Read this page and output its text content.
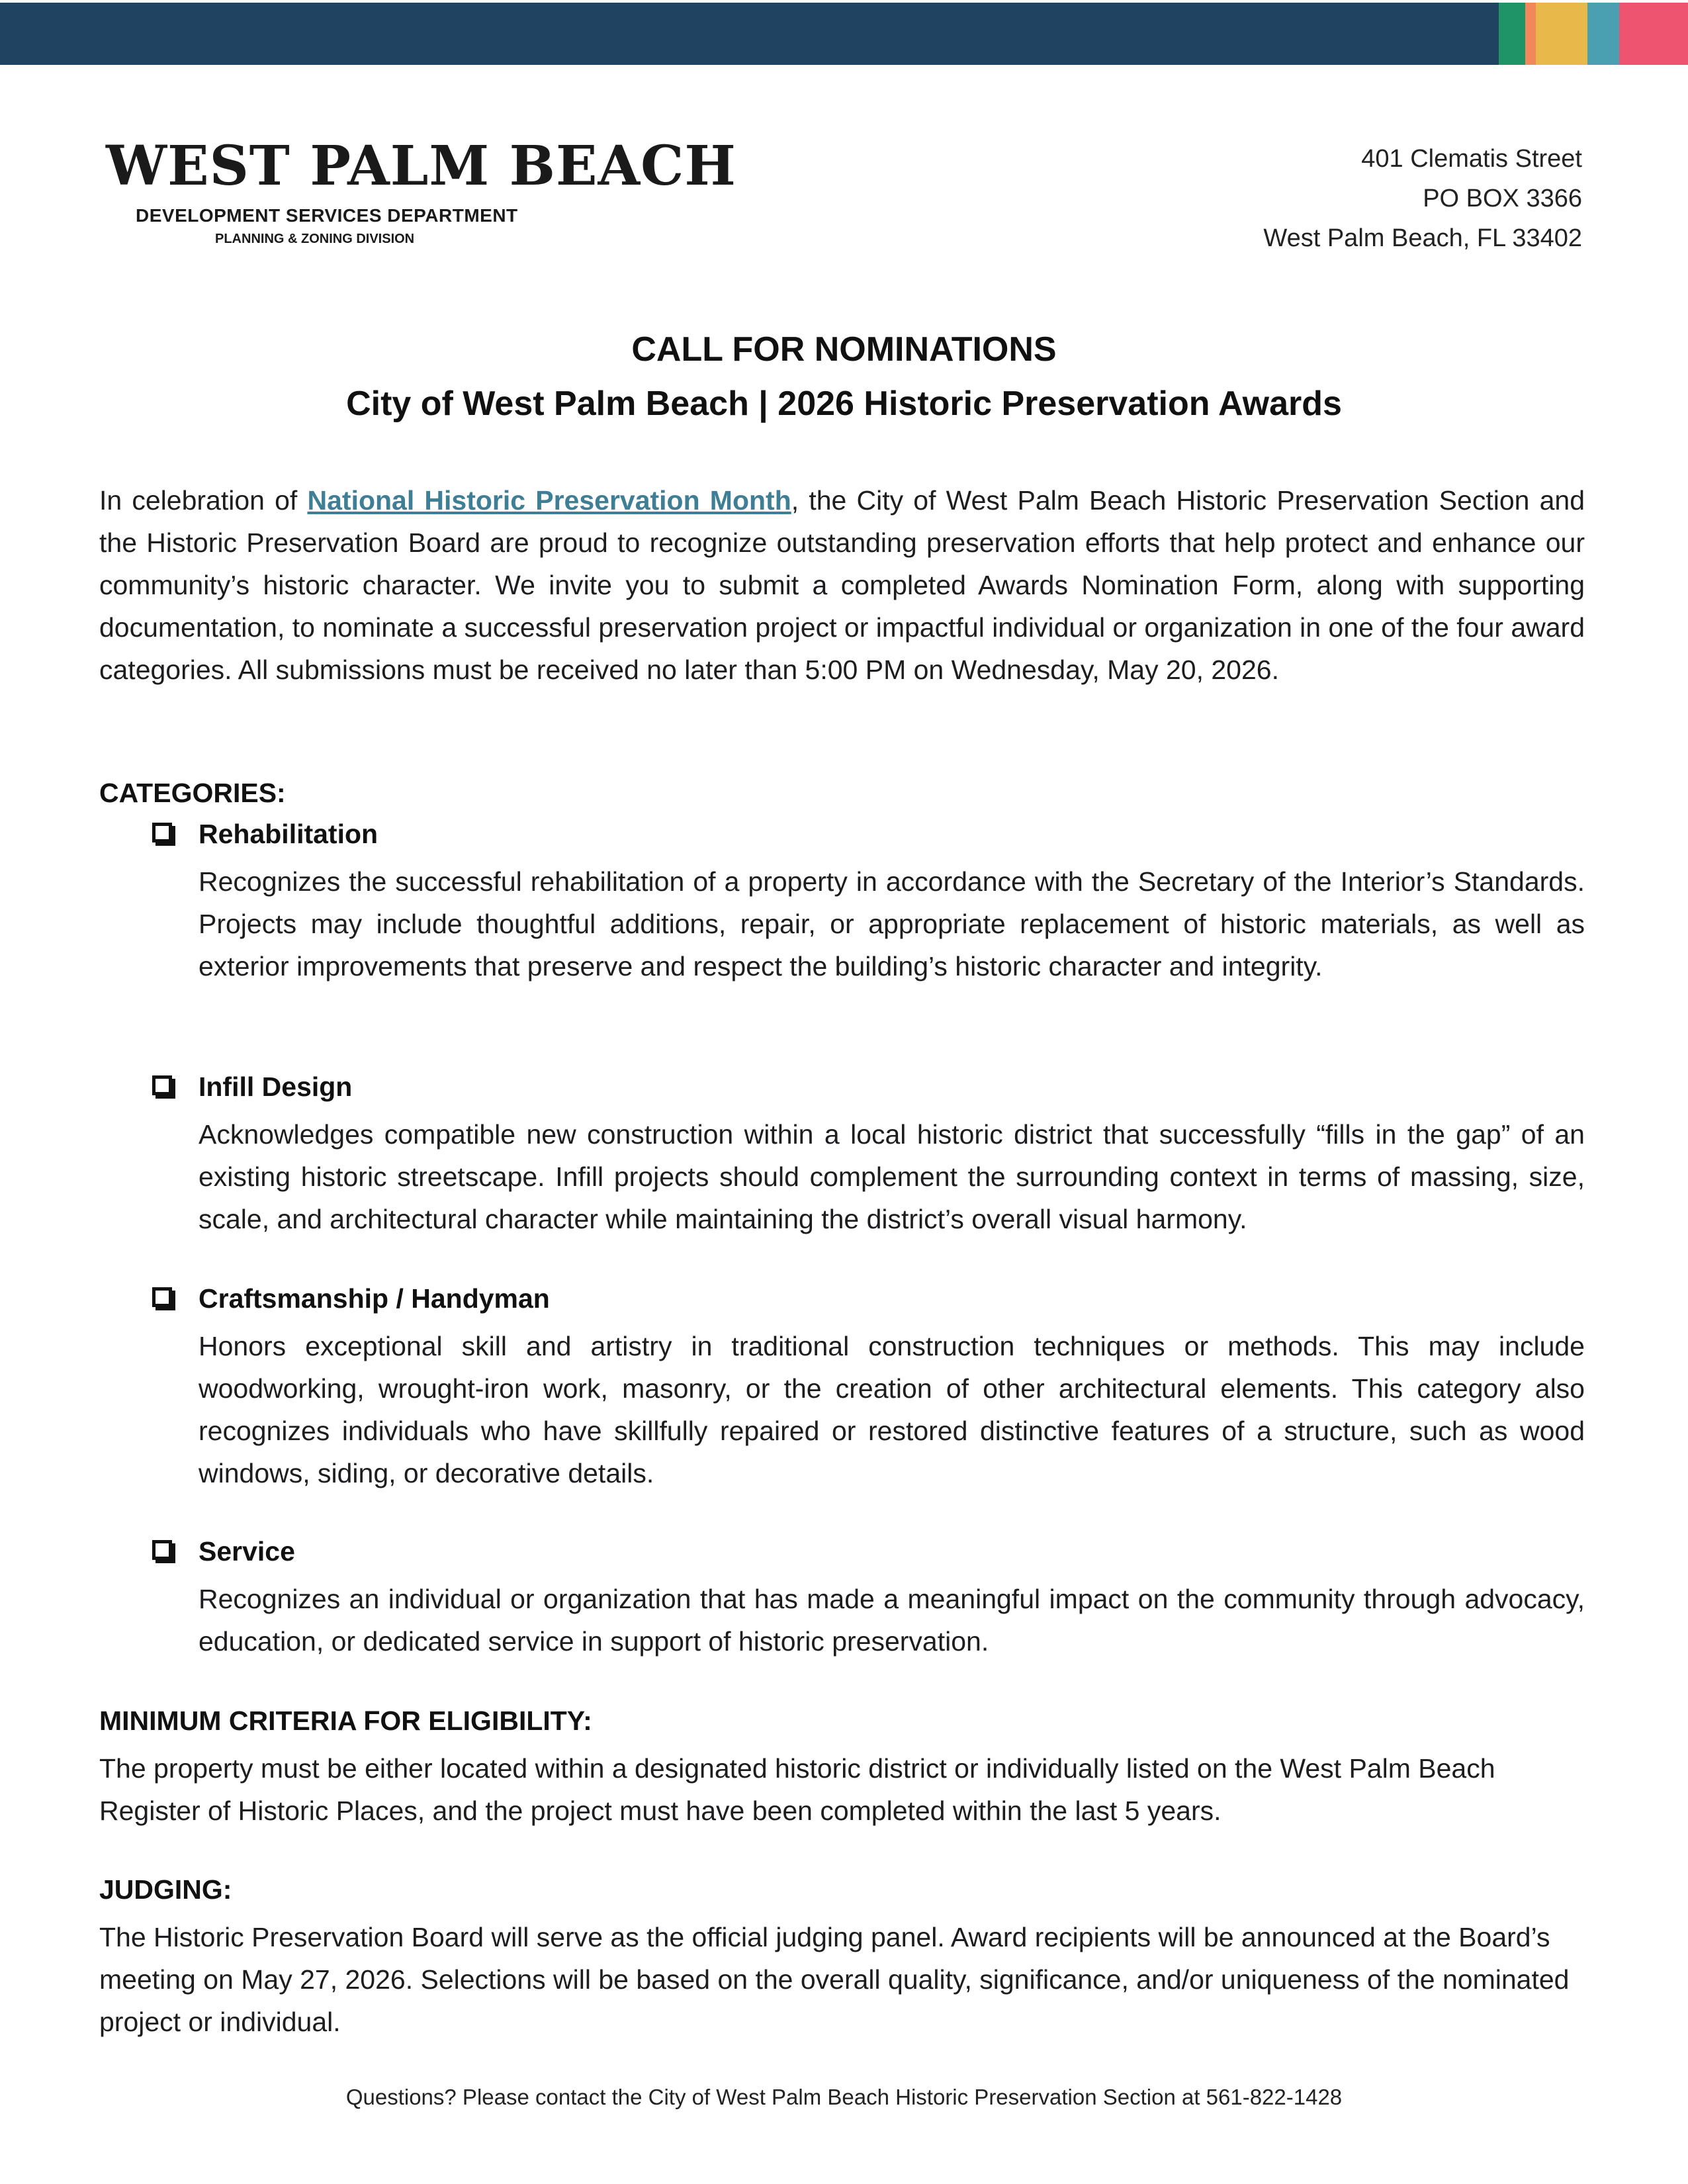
WEST PALM BEACH
DEVELOPMENT SERVICES DEPARTMENT
PLANNING & ZONING DIVISION
401 Clematis Street
PO BOX 3366
West Palm Beach, FL 33402
CALL FOR NOMINATIONS
City of West Palm Beach | 2026 Historic Preservation Awards
In celebration of National Historic Preservation Month, the City of West Palm Beach Historic Preservation Section and the Historic Preservation Board are proud to recognize outstanding preservation efforts that help protect and enhance our community’s historic character. We invite you to submit a completed Awards Nomination Form, along with supporting documentation, to nominate a successful preservation project or impactful individual or organization in one of the four award categories. All submissions must be received no later than 5:00 PM on Wednesday, May 20, 2026.
CATEGORIES:
Rehabilitation
Recognizes the successful rehabilitation of a property in accordance with the Secretary of the Interior’s Standards. Projects may include thoughtful additions, repair, or appropriate replacement of historic materials, as well as exterior improvements that preserve and respect the building’s historic character and integrity.
Infill Design
Acknowledges compatible new construction within a local historic district that successfully “fills in the gap” of an existing historic streetscape. Infill projects should complement the surrounding context in terms of massing, size, scale, and architectural character while maintaining the district’s overall visual harmony.
Craftsmanship / Handyman
Honors exceptional skill and artistry in traditional construction techniques or methods. This may include woodworking, wrought-iron work, masonry, or the creation of other architectural elements. This category also recognizes individuals who have skillfully repaired or restored distinctive features of a structure, such as wood windows, siding, or decorative details.
Service
Recognizes an individual or organization that has made a meaningful impact on the community through advocacy, education, or dedicated service in support of historic preservation.
MINIMUM CRITERIA FOR ELIGIBILITY:
The property must be either located within a designated historic district or individually listed on the West Palm Beach Register of Historic Places, and the project must have been completed within the last 5 years.
JUDGING:
The Historic Preservation Board will serve as the official judging panel. Award recipients will be announced at the Board’s meeting on May 27, 2026. Selections will be based on the overall quality, significance, and/or uniqueness of the nominated project or individual.
Questions? Please contact the City of West Palm Beach Historic Preservation Section at 561-822-1428
